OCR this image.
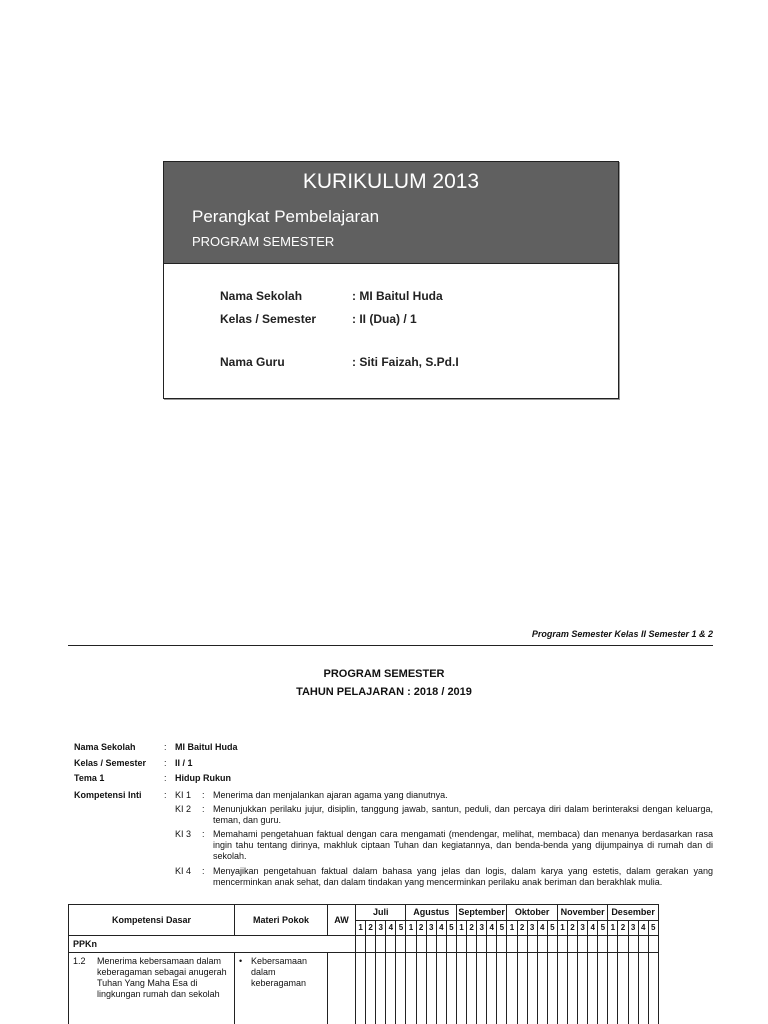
KURIKULUM 2013
Perangkat Pembelajaran
PROGRAM SEMESTER
Nama Sekolah	: MI Baitul Huda
Kelas / Semester	: II (Dua) / 1
Nama Guru	: Siti Faizah, S.Pd.I
Program Semester Kelas II Semester 1 & 2
PROGRAM SEMESTER
TAHUN PELAJARAN : 2018 / 2019
Nama Sekolah	: MI Baitul Huda
Kelas / Semester : II / 1
Tema 1	: Hidup Rukun
Kompetensi Inti : KI 1 : Menerima dan menjalankan ajaran agama yang dianutnya.
KI 2 : Menunjukkan perilaku jujur, disiplin, tanggung jawab, santun, peduli, dan percaya diri dalam berinteraksi dengan keluarga, teman, dan guru.
KI 3 : Memahami pengetahuan faktual dengan cara mengamati (mendengar, melihat, membaca) dan menanya berdasarkan rasa ingin tahu tentang dirinya, makhluk ciptaan Tuhan dan kegiatannya, dan benda-benda yang dijumpainya di rumah dan di sekolah.
KI 4 : Menyajikan pengetahuan faktual dalam bahasa yang jelas dan logis, dalam karya yang estetis, dalam gerakan yang mencerminkan anak sehat, dan dalam tindakan yang mencerminkan perilaku anak beriman dan berakhlak mulia.
Kompetensi Dasar	Materi Pokok	AW	Juli					Agustus					September					Oktober					November					Desember				
			1	2	3	4	5	1	2	3	4	5	1	2	3	4	5	1	2	3	4	5	1	2	3	4	5	1	2	3	4	5
PPKn																																

1.2 Menerima kebersamaan dalam keberagaman sebagai anugerah Tuhan Yang Maha Esa di lingkungan rumah dan sekolah	• Kebersamaan dalam keberagaman																															
